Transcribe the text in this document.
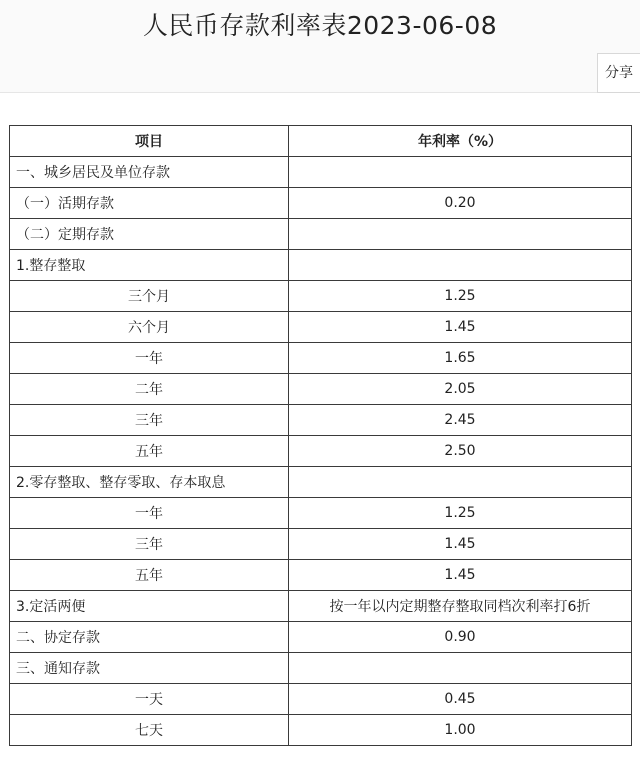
人民币存款利率表2023-06-08
分享
项目	年利率（%）
一、城乡居民及单位存款	
（一）活期存款	0.20
（二）定期存款	
1.整存整取	
三个月	1.25
六个月	1.45
一年	1.65
二年	2.05
三年	2.45
五年	2.50
2.零存整取、整存零取、存本取息	
一年	1.25
三年	1.45
五年	1.45
3.定活两便	按一年以内定期整存整取同档次利率打6折
二、协定存款	0.90
三、通知存款	
一天	0.45
七天	1.00
